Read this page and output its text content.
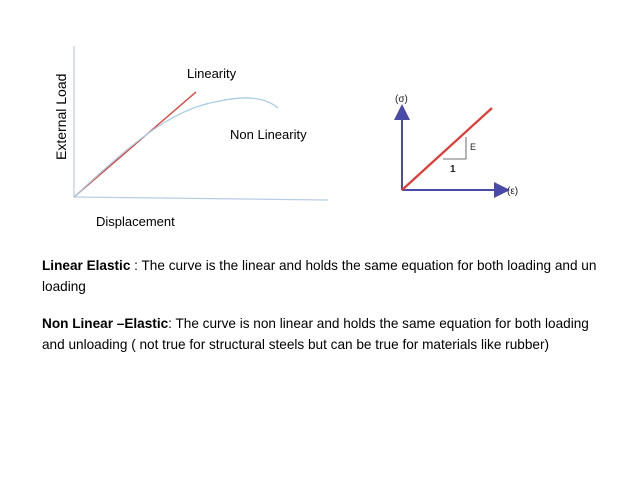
External Load
Displacement
Linearity
Non Linearity
E
1
(σ)
(ε)
Linear Elastic : The curve is the linear and holds the same equation for both loading and un loading
Non Linear –Elastic: The curve is non linear and holds the same equation for both loading and unloading ( not true for structural steels but can be true for materials like rubber)
